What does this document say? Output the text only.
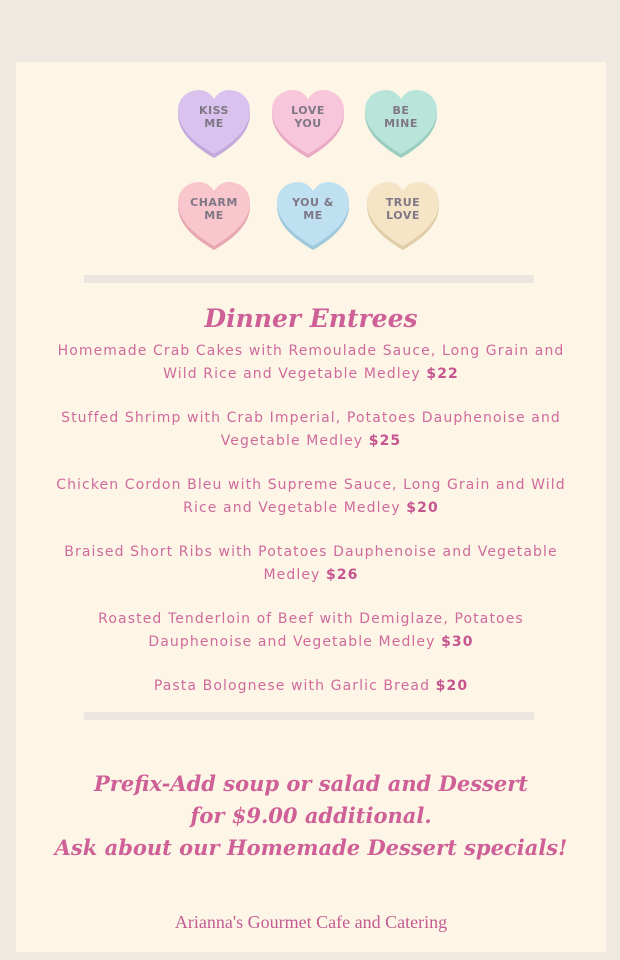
KISS
ME
LOVE
YOU
BE
MINE
CHARM
ME
YOU &
ME
TRUE
LOVE
Dinner Entrees
Homemade Crab Cakes with Remoulade Sauce, Long Grain and Wild Rice and Vegetable Medley $22
Stuffed Shrimp with Crab Imperial, Potatoes Dauphenoise and Vegetable Medley $25
Chicken Cordon Bleu with Supreme Sauce, Long Grain and Wild Rice and Vegetable Medley $20
Braised Short Ribs with Potatoes Dauphenoise and Vegetable Medley $26
Roasted Tenderloin of Beef with Demiglaze, Potatoes Dauphenoise and Vegetable Medley $30
Pasta Bolognese with Garlic Bread $20
Prefix-Add soup or salad and Dessert
for $9.00 additional.
Ask about our Homemade Dessert specials!
Arianna's Gourmet Cafe and Catering
